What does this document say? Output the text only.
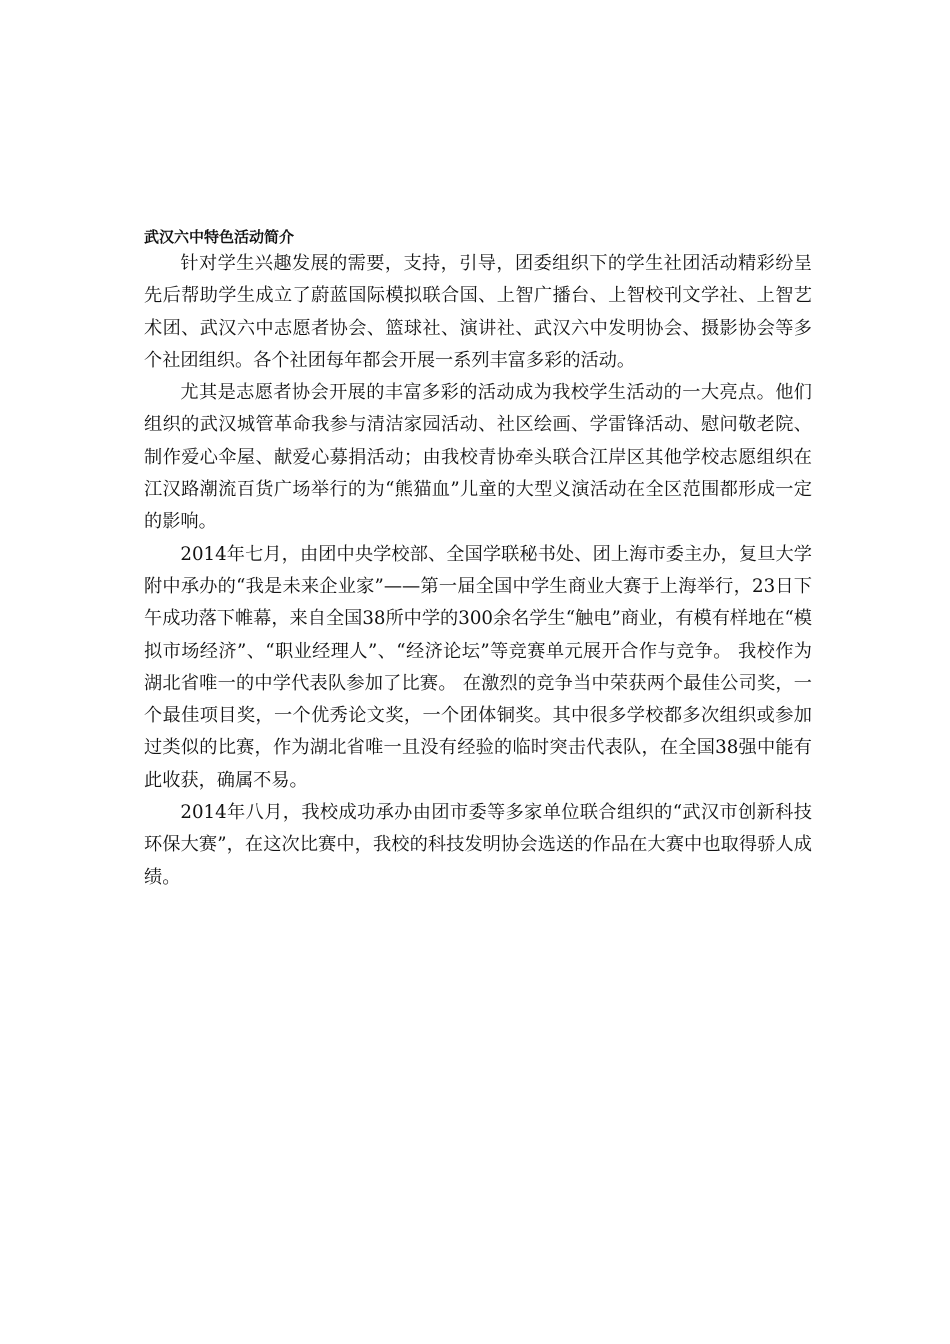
武汉六中特色活动简介

针对学生兴趣发展的需要，支持，引导，团委组织下的学生社团活动精彩纷呈先后帮助学生成立了蔚蓝国际模拟联合国、上智广播台、上智校刊文学社、上智艺术团、武汉六中志愿者协会、篮球社、演讲社、武汉六中发明协会、摄影协会等多个社团组织。各个社团每年都会开展一系列丰富多彩的活动。

尤其是志愿者协会开展的丰富多彩的活动成为我校学生活动的一大亮点。他们组织的武汉城管革命我参与清洁家园活动、社区绘画、学雷锋活动、慰问敬老院、制作爱心伞屋、献爱心募捐活动；由我校青协牵头联合江岸区其他学校志愿组织在江汉路潮流百货广场举行的为“熊猫血”儿童的大型义演活动在全区范围都形成一定的影响。

2014年七月，由团中央学校部、全国学联秘书处、团上海市委主办，复旦大学附中承办的“我是未来企业家”——第一届全国中学生商业大赛于上海举行，23日下午成功落下帷幕，来自全国38所中学的300余名学生“触电”商业，有模有样地在“模拟市场经济”、“职业经理人”、“经济论坛”等竞赛单元展开合作与竞争。 我校作为湖北省唯一的中学代表队参加了比赛。 在激烈的竞争当中荣获两个最佳公司奖，一个最佳项目奖，一个优秀论文奖，一个团体铜奖。其中很多学校都多次组织或参加过类似的比赛，作为湖北省唯一且没有经验的临时突击代表队，在全国38强中能有此收获，确属不易。

2014年八月，我校成功承办由团市委等多家单位联合组织的“武汉市创新科技环保大赛”，在这次比赛中，我校的科技发明协会选送的作品在大赛中也取得骄人成绩。
